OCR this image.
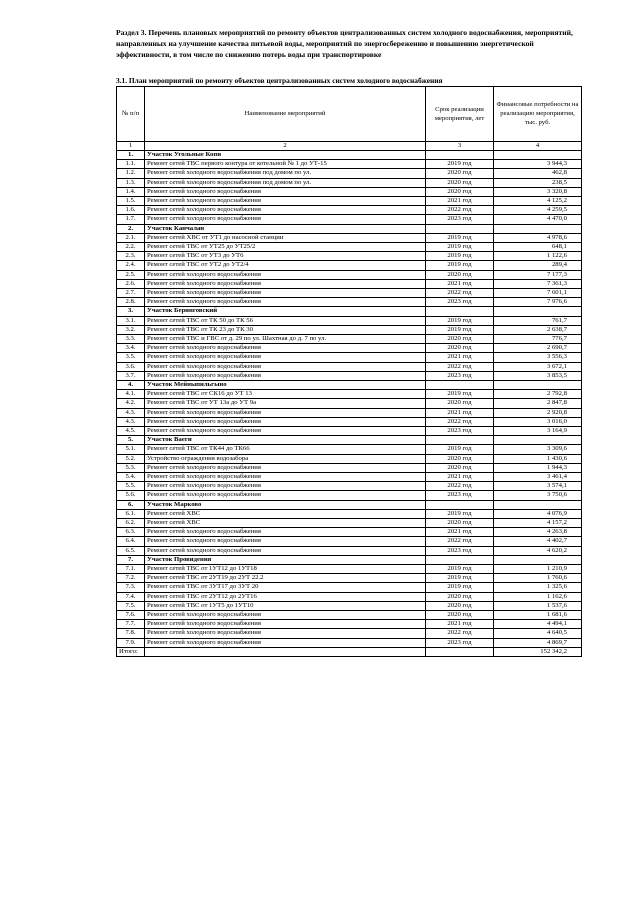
Раздел 3. Перечень плановых мероприятий по ремонту объектов централизованных систем холодного водоснабжения, мероприятий, направленных на улучшение качества питьевой воды, мероприятий по энергосбережению и повышению энергетической эффективности, в том числе по снижению потерь воды при транспортировке

3.1. План мероприятий по ремонту объектов централизованных систем холодного водоснабжения

№ п/п	Наименование мероприятий	Срок реализации мероприятия, лет	Финансовые потребности на реализацию мероприятия, тыс. руб.
1	2	3	4
1.	Участок Угольные Копи		
1.1.	Ремонт сетей ТВС первого контура от котельной № 1 до УТ-15	2019 год	3 944,3
1.2.	Ремонт сетей холодного водоснабжения под домом по ул.	2020 год	462,8
1.3.	Ремонт сетей холодного водоснабжения под домом по ул.	2020 год	238,5
1.4.	Ремонт сетей холодного водоснабжения	2020 год	3 320,8
1.5.	Ремонт сетей холодного водоснабжения	2021 год	4 125,2
1.6.	Ремонт сетей холодного водоснабжения	2022 год	4 259,5
1.7.	Ремонт сетей холодного водоснабжения	2023 год	4 470,0
2.	Участок Канчалан		
2.1.	Ремонт сетей ХВС от УТ1 до насосной станции	2019 год	4 978,6
2.2.	Ремонт сетей ТВС от УТ25 до УТ25/2	2019 год	648,1
2.3.	Ремонт сетей ТВС от УТ3 до УТ6	2019 год	1 122,6
2.4.	Ремонт сетей ТВС от УТ2 до УТ2/4	2019 год	289,4
2.5.	Ремонт сетей холодного водоснабжения	2020 год	7 177,3
2.6.	Ремонт сетей холодного водоснабжения	2021 год	7 361,3
2.7.	Ремонт сетей холодного водоснабжения	2022 год	7 601,1
2.8.	Ремонт сетей холодного водоснабжения	2023 год	7 976,6
3.	Участок Беринговский		
3.1.	Ремонт сетей ТВС от ТК 50 до ТК 56	2019 год	761,7
3.2.	Ремонт сетей ТВС от ТК 23 до ТК 30	2019 год	2 638,7
3.3.	Ремонт сетей ТВС и ГВС от д. 29 по ул. Шахтная до д. 7 по ул.	2020 год	776,7
3.4.	Ремонт сетей холодного водоснабжения	2020 год	2 690,7
3.5.	Ремонт сетей холодного водоснабжения	2021 год	3 556,3
3.6.	Ремонт сетей холодного водоснабжения	2022 год	3 672,1
3.7.	Ремонт сетей холодного водоснабжения	2023 год	3 853,5
4.	Участок Мейныпильгыно		
4.1.	Ремонт сетей ТВС от СК16 до УТ 13	2019 год	2 792,8
4.2.	Ремонт сетей ТВС от УТ 13а до УТ 9а	2020 год	2 847,8
4.3.	Ремонт сетей холодного водоснабжения	2021 год	2 920,8
4.3.	Ремонт сетей холодного водоснабжения	2022 год	3 016,0
4.5.	Ремонт сетей холодного водоснабжения	2023 год	3 164,9
5.	Участок Ваеги		
5.1.	Ремонт сетей ТВС от ТК44 до ТК66	2019 год	3 309,6
5.2.	Устройство ограждения водозабора	2020 год	1 430,6
5.3.	Ремонт сетей холодного водоснабжения	2020 год	1 944,3
5.4.	Ремонт сетей холодного водоснабжения	2021 год	3 461,4
5.5.	Ремонт сетей холодного водоснабжения	2022 год	3 574,1
5.6.	Ремонт сетей холодного водоснабжения	2023 год	3 750,6
6.	Участок Марково		
6.1.	Ремонт сетей ХВС	2019 год	4 076,9
6.2.	Ремонт сетей ХВС	2020 год	4 157,2
6.3.	Ремонт сетей холодного водоснабжения	2021 год	4 263,8
6.4.	Ремонт сетей холодного водоснабжения	2022 год	4 402,7
6.5.	Ремонт сетей холодного водоснабжения	2023 год	4 620,2
7.	Участок Провидения		
7.1.	Ремонт сетей ТВС от 1УТ12 до 1УТ18	2019 год	1 210,9
7.2.	Ремонт сетей ТВС от 2УТ19 до 2УТ 22.2	2019 год	1 760,6
7.3.	Ремонт сетей ТВС от 3УТ17 до 3УТ 20	2019 год	1 325,6
7.4.	Ремонт сетей ТВС от 2УТ12 до 2УТ16	2020 год	1 162,6
7.5.	Ремонт сетей ТВС от 1УТ5 до 1УТ10	2020 год	1 537,6
7.6.	Ремонт сетей холодного водоснабжения	2020 год	1 681,6
7.7.	Ремонт сетей холодного водоснабжения	2021 год	4 494,1
7.8.	Ремонт сетей холодного водоснабжения	2022 год	4 640,5
7.9.	Ремонт сетей холодного водоснабжения	2023 год	4 869,7
Итого:			152 342,2
